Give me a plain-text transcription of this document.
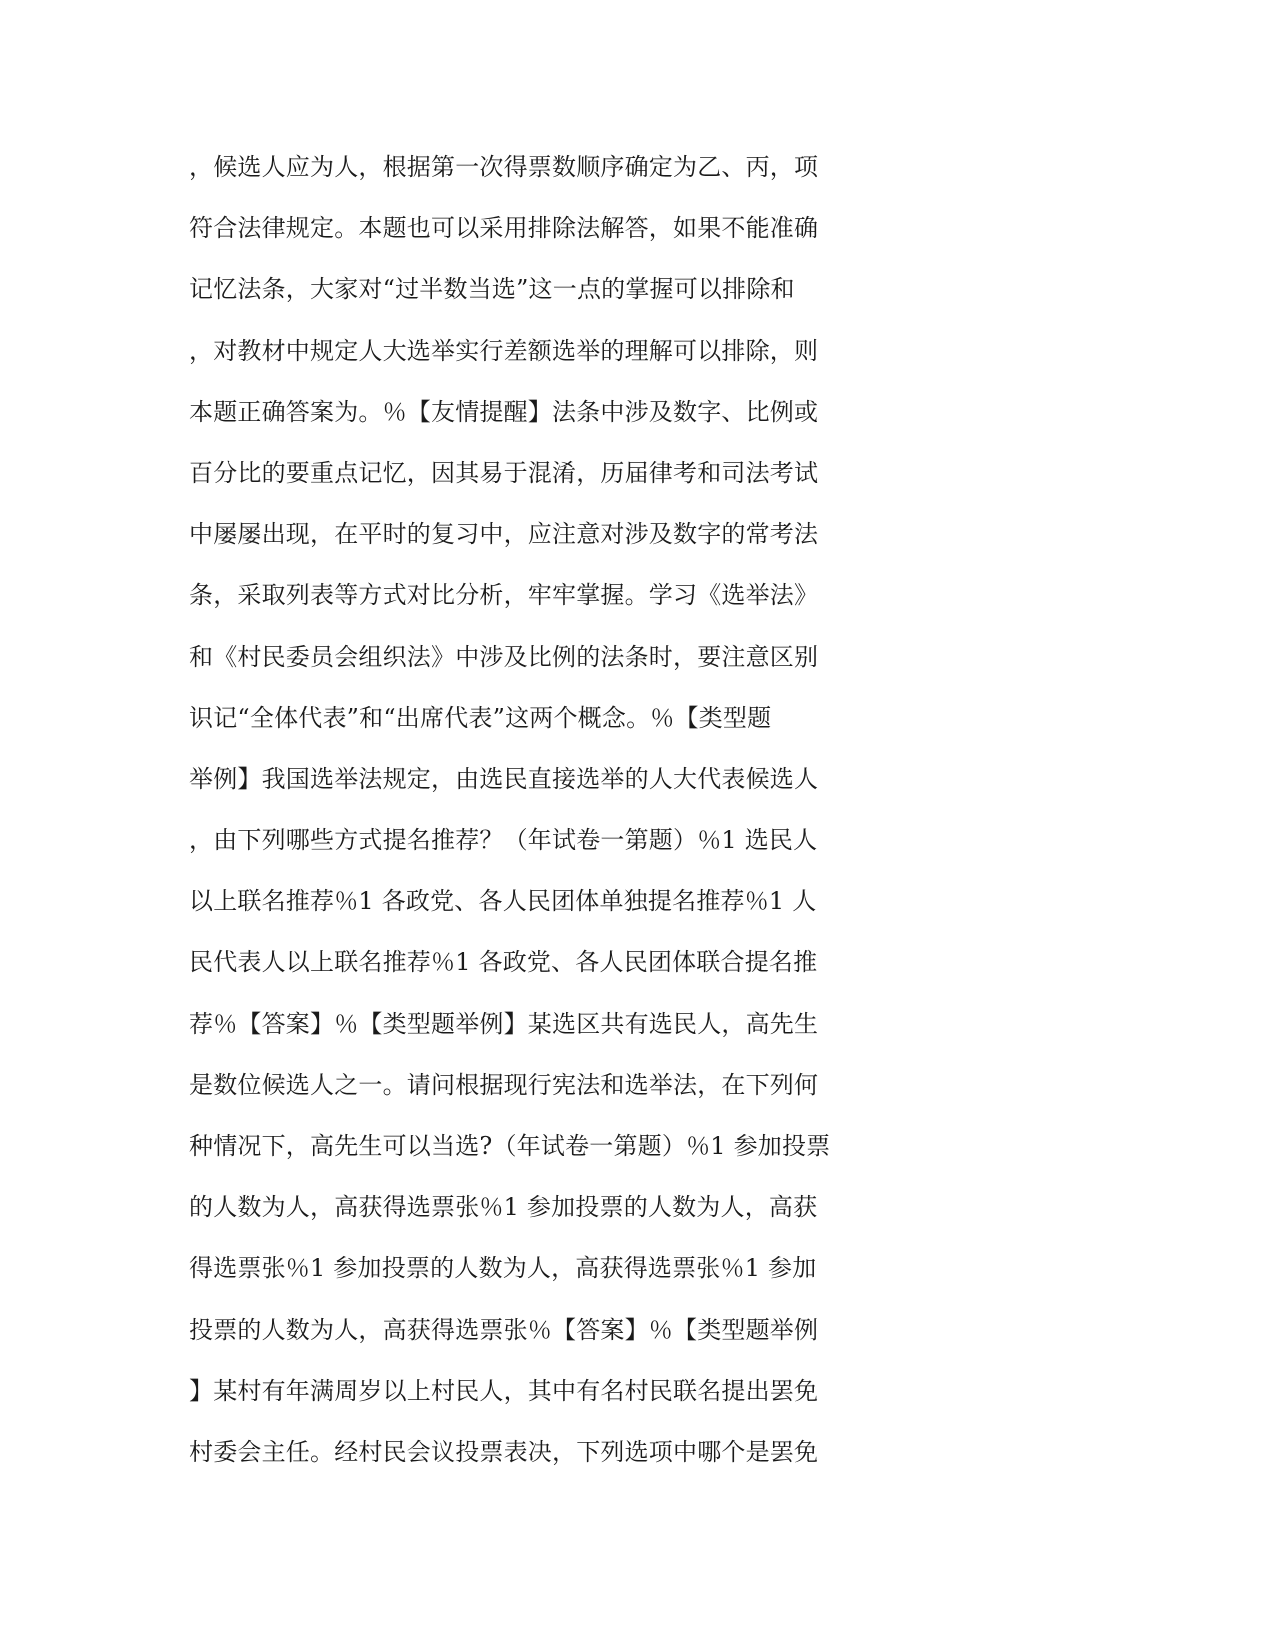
，候选人应为人，根据第一次得票数顺序确定为乙、丙，项
符合法律规定。本题也可以采用排除法解答，如果不能准确
记忆法条，大家对“过半数当选”这一点的掌握可以排除和
，对教材中规定人大选举实行差额选举的理解可以排除，则
本题正确答案为。％【友情提醒】法条中涉及数字、比例或
百分比的要重点记忆，因其易于混淆，历届律考和司法考试
中屡屡出现，在平时的复习中，应注意对涉及数字的常考法
条，采取列表等方式对比分析，牢牢掌握。学习《选举法》
和《村民委员会组织法》中涉及比例的法条时，要注意区别
识记“全体代表”和“出席代表”这两个概念。％【类型题
举例】我国选举法规定，由选民直接选举的人大代表候选人
，由下列哪些方式提名推荐？（年试卷一第题）％1 选民人
以上联名推荐％1 各政党、各人民团体单独提名推荐％1 人
民代表人以上联名推荐％1 各政党、各人民团体联合提名推
荐％【答案】％【类型题举例】某选区共有选民人，高先生
是数位候选人之一。请问根据现行宪法和选举法，在下列何
种情况下，高先生可以当选?（年试卷一第题）％1 参加投票
的人数为人，高获得选票张％1 参加投票的人数为人，高获
得选票张％1 参加投票的人数为人，高获得选票张％1 参加
投票的人数为人，高获得选票张％【答案】％【类型题举例
】某村有年满周岁以上村民人，其中有名村民联名提出罢免
村委会主任。经村民会议投票表决，下列选项中哪个是罢免
